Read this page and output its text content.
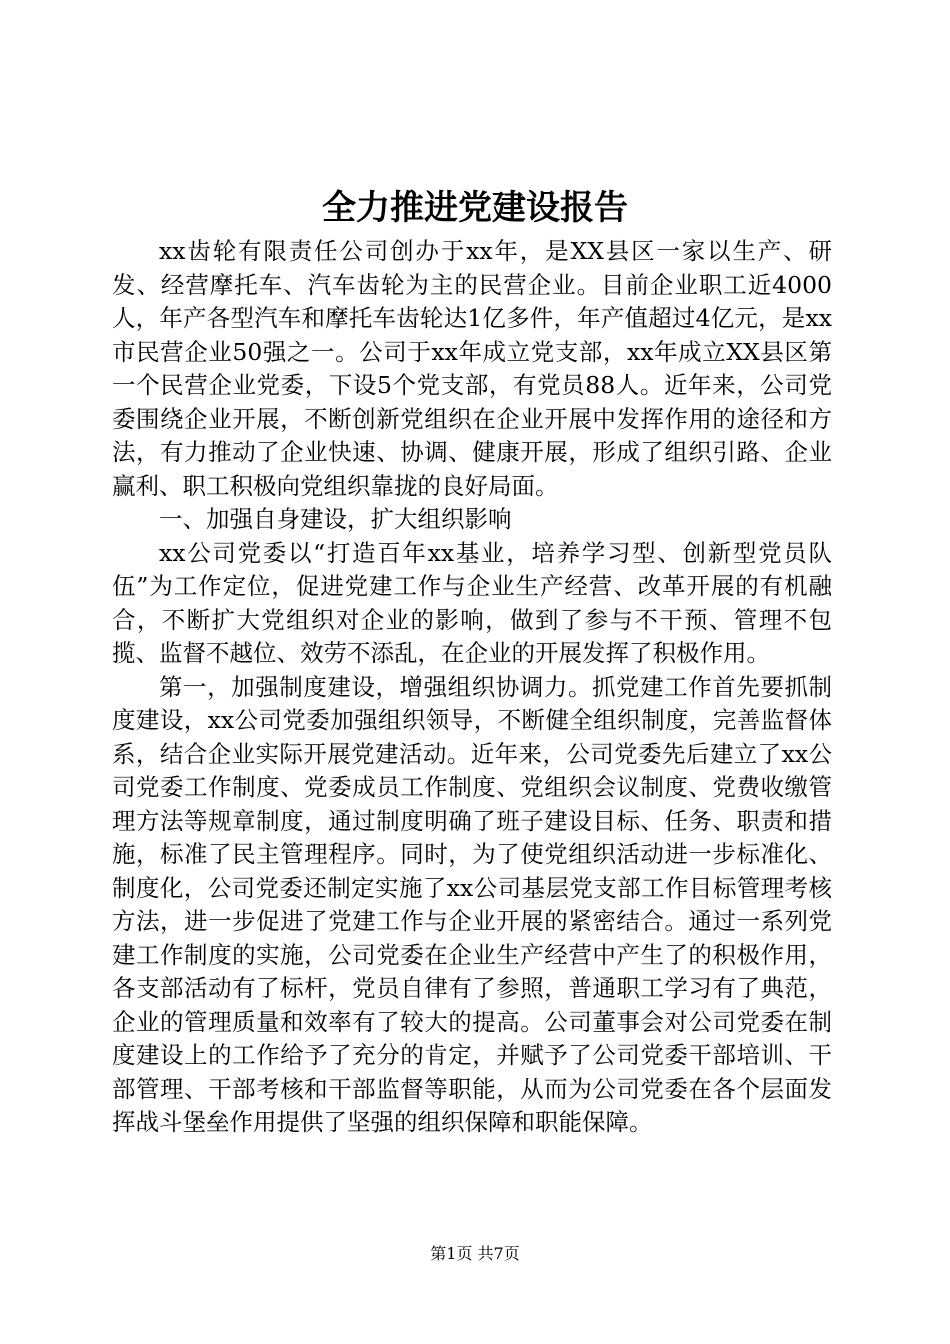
全力推进党建设报告

xx齿轮有限责任公司创办于xx年，是XX县区一家以生产、研发、经营摩托车、汽车齿轮为主的民营企业。目前企业职工近4000人，年产各型汽车和摩托车齿轮达1亿多件，年产值超过4亿元，是xx市民营企业50强之一。公司于xx年成立党支部，xx年成立XX县区第一个民营企业党委，下设5个党支部，有党员88人。近年来，公司党委围绕企业开展，不断创新党组织在企业开展中发挥作用的途径和方法，有力推动了企业快速、协调、健康开展，形成了组织引路、企业赢利、职工积极向党组织靠拢的良好局面。

一、加强自身建设，扩大组织影响

xx公司党委以“打造百年xx基业，培养学习型、创新型党员队伍”为工作定位，促进党建工作与企业生产经营、改革开展的有机融合，不断扩大党组织对企业的影响，做到了参与不干预、管理不包揽、监督不越位、效劳不添乱，在企业的开展发挥了积极作用。

第一，加强制度建设，增强组织协调力。抓党建工作首先要抓制度建设，xx公司党委加强组织领导，不断健全组织制度，完善监督体系，结合企业实际开展党建活动。近年来，公司党委先后建立了xx公司党委工作制度、党委成员工作制度、党组织会议制度、党费收缴管理方法等规章制度，通过制度明确了班子建设目标、任务、职责和措施，标准了民主管理程序。同时，为了使党组织活动进一步标准化、制度化，公司党委还制定实施了xx公司基层党支部工作目标管理考核方法，进一步促进了党建工作与企业开展的紧密结合。通过一系列党建工作制度的实施，公司党委在企业生产经营中产生了的积极作用，各支部活动有了标杆，党员自律有了参照，普通职工学习有了典范，企业的管理质量和效率有了较大的提高。公司董事会对公司党委在制度建设上的工作给予了充分的肯定，并赋予了公司党委干部培训、干部管理、干部考核和干部监督等职能，从而为公司党委在各个层面发挥战斗堡垒作用提供了坚强的组织保障和职能保障。

第1页 共7页
